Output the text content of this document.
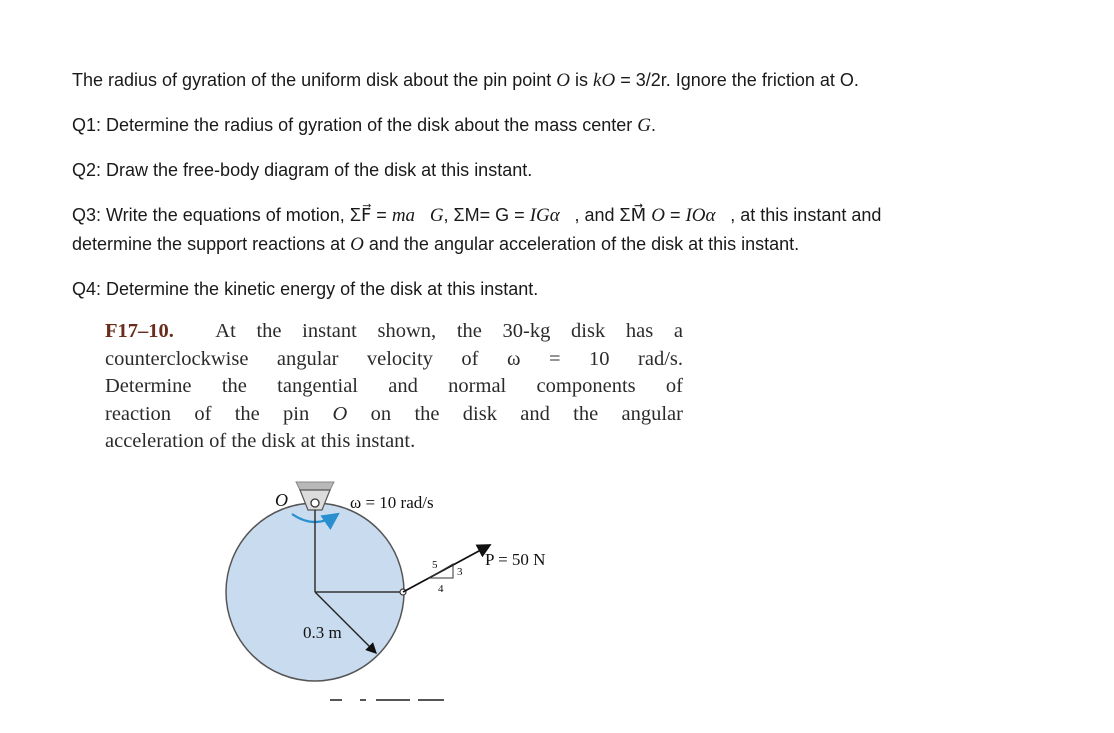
The radius of gyration of the uniform disk about the pin point O is kO = 3/2r. Ignore the friction at O.

Q1: Determine the radius of gyration of the disk about the mass center G.

Q2: Draw the free-body diagram of the disk at this instant.

Q3: Write the equations of motion, ΣF⃗ = ma⃗G, ΣM= G = IGα⃗, and ΣM⃗⃗ O = IOα⃗, at this instant and

determine the support reactions at O and the angular acceleration of the disk at this instant.

Q4: Determine the kinetic energy of the disk at this instant.

F17–10. At the instant shown, the 30-kg disk has a
counterclockwise angular velocity of ω = 10 rad/s.
Determine the tangential and normal components of
reaction of the pin O on the disk and the angular
acceleration of the disk at this instant.
O	ω = 10 rad/s
P = 50 N
5
3
4
0.3 m
